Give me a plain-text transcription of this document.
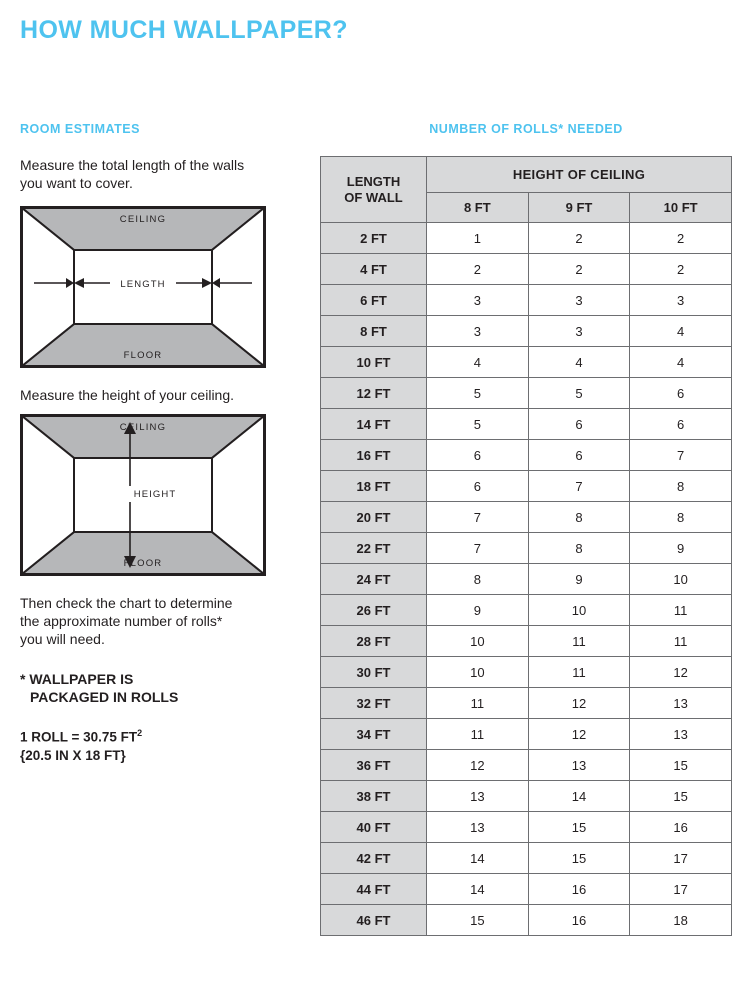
HOW MUCH WALLPAPER?
ROOM ESTIMATES
Measure the total length of the walls you want to cover.
CEILING
FLOOR
LENGTH
Measure the height of your ceiling.
CEILING
FLOOR
HEIGHT
Then check the chart to determine the approximate number of rolls* you will need.
* WALLPAPER IS
PACKAGED IN ROLLS
1 ROLL = 30.75 $FT^2$
{20.5 IN X 18 FT}
NUMBER OF ROLLS* NEEDED
LENGTH
OF WALL	HEIGHT OF CEILING		
	8 FT	9 FT	10 FT
2 FT	1	2	2
4 FT	2	2	2
6 FT	3	3	3
8 FT	3	3	4
10 FT	4	4	4
12 FT	5	5	6
14 FT	5	6	6
16 FT	6	6	7
18 FT	6	7	8
20 FT	7	8	8
22 FT	7	8	9
24 FT	8	9	10
26 FT	9	10	11
28 FT	10	11	11
30 FT	10	11	12
32 FT	11	12	13
34 FT	11	12	13
36 FT	12	13	15
38 FT	13	14	15
40 FT	13	15	16
42 FT	14	15	17
44 FT	14	16	17
46 FT	15	16	18
